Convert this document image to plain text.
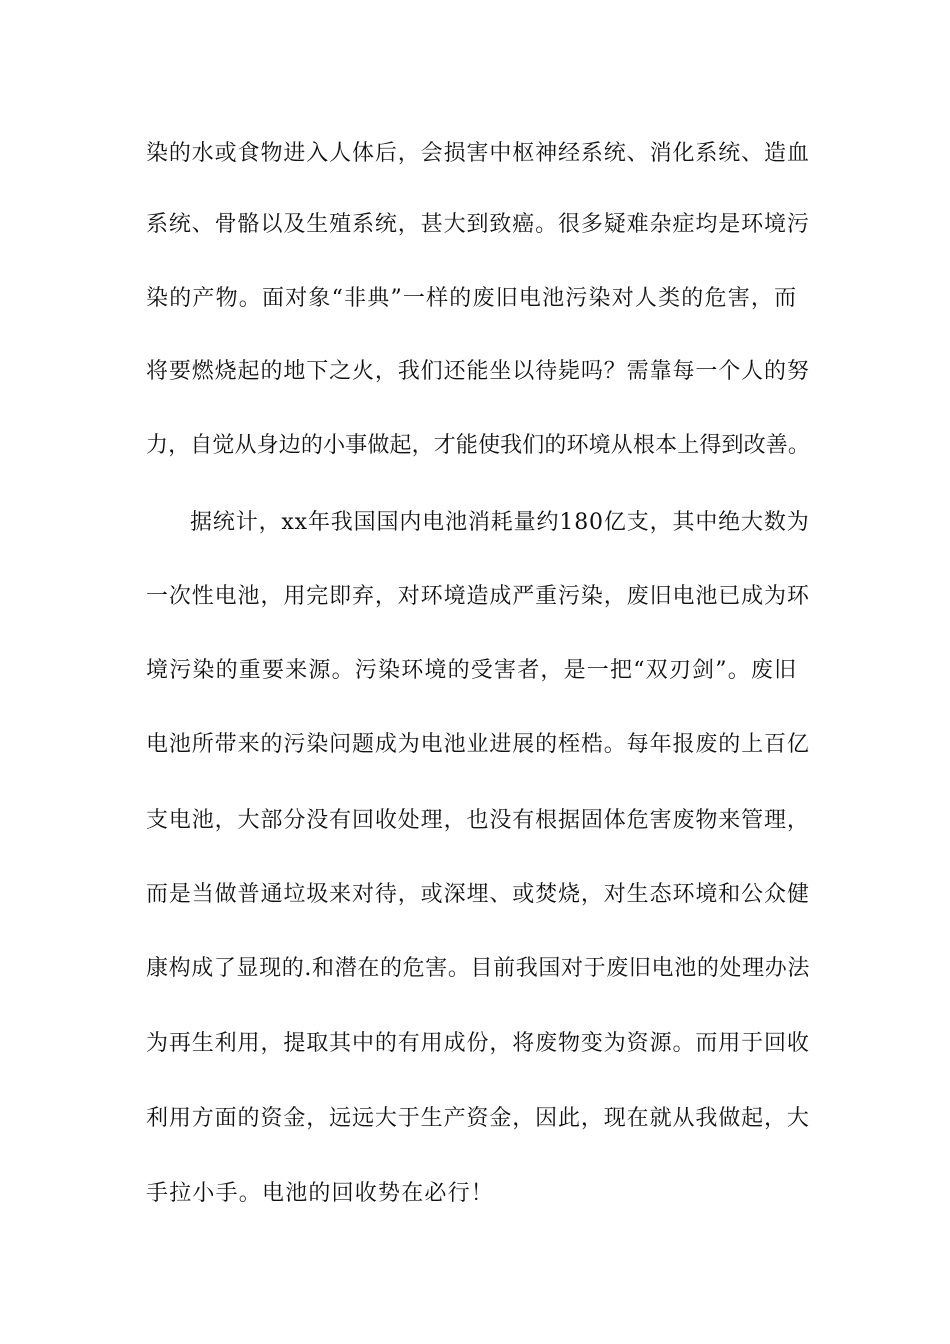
染的水或食物进入人体后，会损害中枢神经系统、消化系统、造血
系统、骨骼以及生殖系统，甚大到致癌。很多疑难杂症均是环境污
染的产物。面对象“非典”一样的废旧电池污染对人类的危害，而
将要燃烧起的地下之火，我们还能坐以待毙吗？需靠每一个人的努
力，自觉从身边的小事做起，才能使我们的环境从根本上得到改善。
据统计，xx年我国国内电池消耗量约180亿支，其中绝大数为
一次性电池，用完即弃，对环境造成严重污染，废旧电池已成为环
境污染的重要来源。污染环境的受害者，是一把“双刃剑”。废旧
电池所带来的污染问题成为电池业进展的桎梏。每年报废的上百亿
支电池，大部分没有回收处理，也没有根据固体危害废物来管理，
而是当做普通垃圾来对待，或深埋、或焚烧，对生态环境和公众健
康构成了显现的.和潜在的危害。目前我国对于废旧电池的处理办法
为再生利用，提取其中的有用成份，将废物变为资源。而用于回收
利用方面的资金，远远大于生产资金，因此，现在就从我做起，大
手拉小手。电池的回收势在必行！
